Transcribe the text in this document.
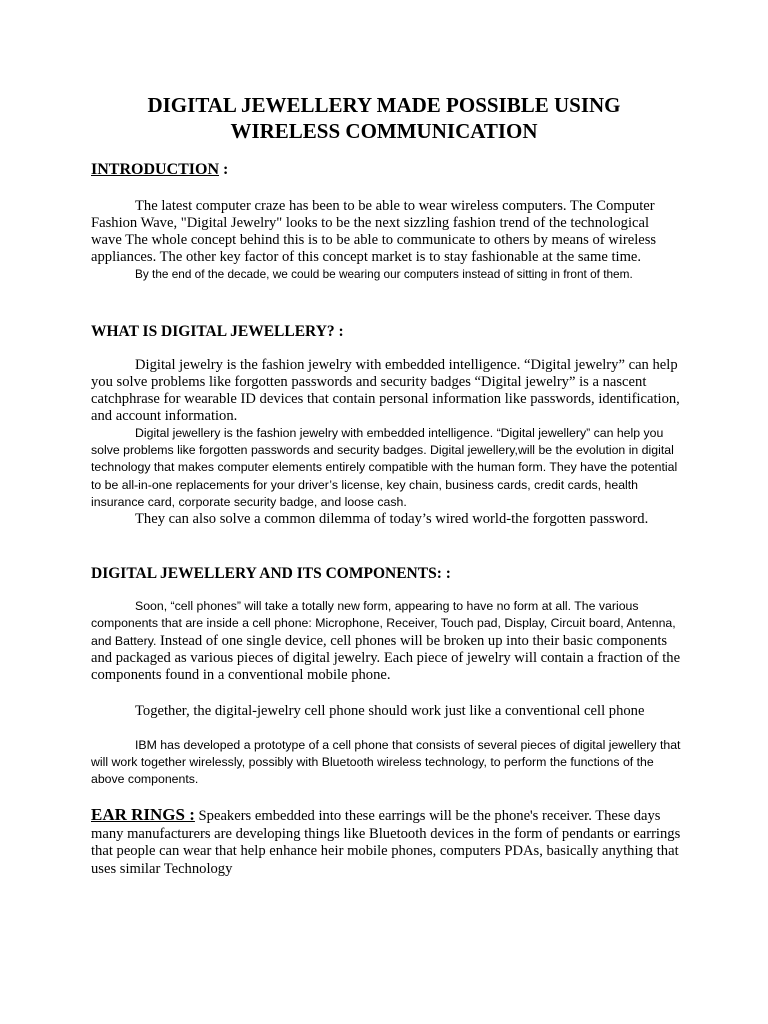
DIGITAL JEWELLERY MADE POSSIBLE USING
WIRELESS COMMUNICATION
INTRODUCTION :
The latest computer craze has been to be able to wear wireless computers. The Computer Fashion Wave, "Digital Jewelry" looks to be the next sizzling fashion trend of the technological wave The whole concept behind this is to be able to communicate to others by means of wireless appliances. The other key factor of this concept market is to stay fashionable at the same time.
By the end of the decade, we could be wearing our computers instead of sitting in front of them.
WHAT IS DIGITAL JEWELLERY? :
Digital jewelry is the fashion jewelry with embedded intelligence. “Digital jewelry” can help you solve problems like forgotten passwords and security badges “Digital jewelry” is a nascent catchphrase for wearable ID devices that contain personal information like passwords, identification, and account information.
Digital jewellery is the fashion jewelry with embedded intelligence. “Digital jewellery” can help you solve problems like forgotten passwords and security badges. Digital jewellery,will be the evolution in digital technology that makes computer elements entirely compatible with the human form. They have the potential to be all-in-one replacements for your driver’s license, key chain, business cards, credit cards, health insurance card, corporate security badge, and loose cash.
They can also solve a common dilemma of today’s wired world-the forgotten password.
DIGITAL JEWELLERY AND ITS COMPONENTS: :
Soon, “cell phones” will take a totally new form, appearing to have no form at all. The various components that are inside a cell phone: Microphone, Receiver, Touch pad, Display, Circuit board, Antenna, and Battery. Instead of one single device, cell phones will be broken up into their basic components and packaged as various pieces of digital jewelry. Each piece of jewelry will contain a fraction of the components found in a conventional mobile phone.
Together, the digital-jewelry cell phone should work just like a conventional cell phone
IBM has developed a prototype of a cell phone that consists of several pieces of digital jewellery that will work together wirelessly, possibly with Bluetooth wireless technology, to perform the functions of the above components.
EAR RINGS : Speakers embedded into these earrings will be the phone's receiver. These days many manufacturers are developing things like Bluetooth devices in the form of pendants or earrings that people can wear that help enhance heir mobile phones, computers PDAs, basically anything that uses similar Technology
